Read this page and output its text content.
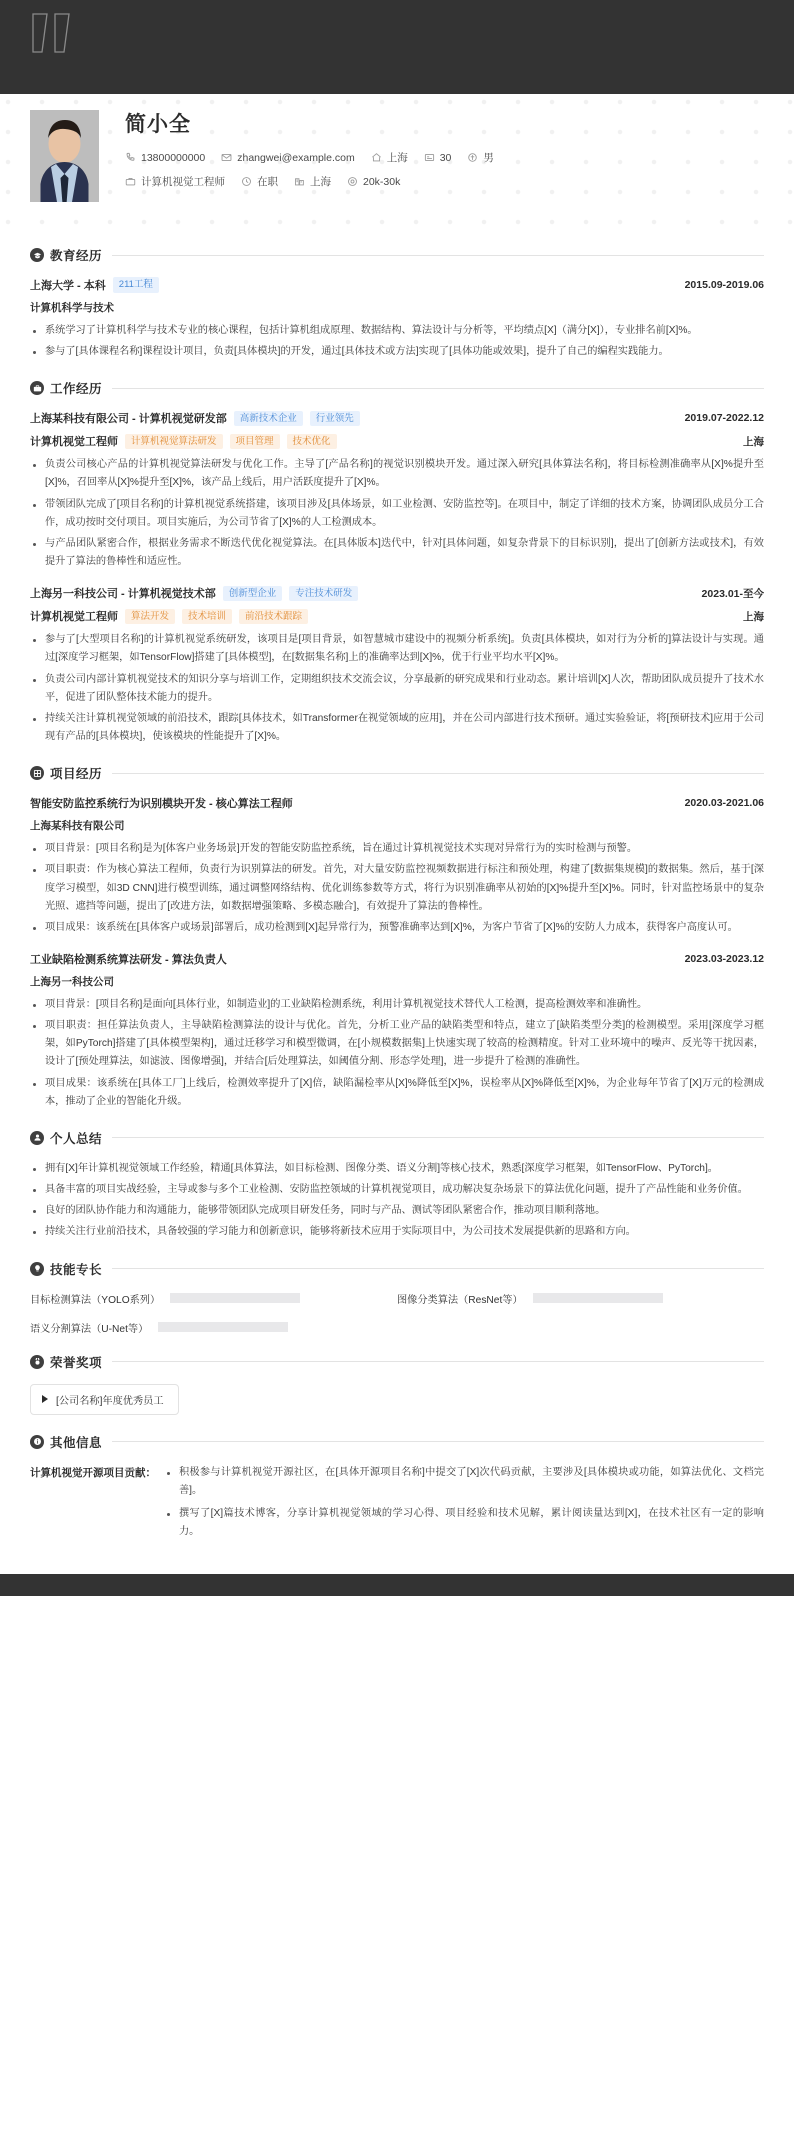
简小全
13800000000	zhangwei@example.com	上海	30	男
计算机视觉工程师	在职	上海	20k-30k
教育经历
上海大学 - 本科	211工程	2015.09-2019.06
计算机科学与技术
系统学习了计算机科学与技术专业的核心课程，包括计算机组成原理、数据结构、算法设计与分析等，平均绩点[X]（满分[X]），专业排名前[X]%。
参与了[具体课程名称]课程设计项目，负责[具体模块]的开发，通过[具体技术或方法]实现了[具体功能或效果]，提升了自己的编程实践能力。
工作经历
上海某科技有限公司 - 计算机视觉研发部	高新技术企业	行业领先	2019.07-2022.12
计算机视觉工程师	计算机视觉算法研发	项目管理	技术优化	上海
负责公司核心产品的计算机视觉算法研发与优化工作。主导了[产品名称]的视觉识别模块开发。通过深入研究[具体算法名称]，将目标检测准确率从[X]%提升至[X]%，召回率从[X]%提升至[X]%，该产品上线后，用户活跃度提升了[X]%。
带领团队完成了[项目名称]的计算机视觉系统搭建，该项目涉及[具体场景，如工业检测、安防监控等]。在项目中，制定了详细的技术方案，协调团队成员分工合作，成功按时交付项目。项目实施后，为公司节省了[X]%的人工检测成本。
与产品团队紧密合作，根据业务需求不断迭代优化视觉算法。在[具体版本]迭代中，针对[具体问题，如复杂背景下的目标识别]，提出了[创新方法或技术]，有效提升了算法的鲁棒性和适应性。
上海另一科技公司 - 计算机视觉技术部	创新型企业	专注技术研发	2023.01-至今
计算机视觉工程师	算法开发	技术培训	前沿技术跟踪	上海
参与了[大型项目名称]的计算机视觉系统研发，该项目是[项目背景，如智慧城市建设中的视频分析系统]。负责[具体模块，如对行为分析的]算法设计与实现。通过[深度学习框架，如TensorFlow]搭建了[具体模型]，在[数据集名称]上的准确率达到[X]%，优于行业平均水平[X]%。
负责公司内部计算机视觉技术的知识分享与培训工作，定期组织技术交流会议，分享最新的研究成果和行业动态。累计培训[X]人次，帮助团队成员提升了技术水平，促进了团队整体技术能力的提升。
持续关注计算机视觉领域的前沿技术，跟踪[具体技术，如Transformer在视觉领域的应用]，并在公司内部进行技术预研。通过实验验证，将[预研技术]应用于公司现有产品的[具体模块]，使该模块的性能提升了[X]%。
项目经历
智能安防监控系统行为识别模块开发 - 核心算法工程师	2020.03-2021.06
上海某科技有限公司
项目背景：[项目名称]是为[体客户业务场景]开发的智能安防监控系统，旨在通过计算机视觉技术实现对异常行为的实时检测与预警。
项目职责：作为核心算法工程师，负责行为识别算法的研发。首先，对大量安防监控视频数据进行标注和预处理，构建了[数据集规模]的数据集。然后，基于[深度学习模型，如3D CNN]进行模型训练，通过调整网络结构、优化训练参数等方式，将行为识别准确率从初始的[X]%提升至[X]%。同时，针对监控场景中的复杂光照、遮挡等问题，提出了[改进方法，如数据增强策略、多模态融合]，有效提升了算法的鲁棒性。
项目成果：该系统在[具体客户或场景]部署后，成功检测到[X]起异常行为，预警准确率达到[X]%，为客户节省了[X]%的安防人力成本，获得客户高度认可。
工业缺陷检测系统算法研发 - 算法负责人	2023.03-2023.12
上海另一科技公司
项目背景：[项目名称]是面向[具体行业，如制造业]的工业缺陷检测系统，利用计算机视觉技术替代人工检测，提高检测效率和准确性。
项目职责：担任算法负责人，主导缺陷检测算法的设计与优化。首先，分析工业产品的缺陷类型和特点，建立了[缺陷类型分类]的检测模型。采用[深度学习框架，如PyTorch]搭建了[具体模型架构]，通过迁移学习和模型微调，在[小规模数据集]上快速实现了较高的检测精度。针对工业环境中的噪声、反光等干扰因素，设计了[预处理算法，如滤波、图像增强]，并结合[后处理算法，如阈值分割、形态学处理]，进一步提升了检测的准确性。
项目成果：该系统在[具体工厂]上线后，检测效率提升了[X]倍，缺陷漏检率从[X]%降低至[X]%，误检率从[X]%降低至[X]%，为企业每年节省了[X]万元的检测成本，推动了企业的智能化升级。
个人总结
拥有[X]年计算机视觉领域工作经验，精通[具体算法，如目标检测、图像分类、语义分割]等核心技术，熟悉[深度学习框架，如TensorFlow、PyTorch]。
具备丰富的项目实战经验，主导或参与多个工业检测、安防监控领域的计算机视觉项目，成功解决复杂场景下的算法优化问题，提升了产品性能和业务价值。
良好的团队协作能力和沟通能力，能够带领团队完成项目研发任务，同时与产品、测试等团队紧密合作，推动项目顺利落地。
持续关注行业前沿技术，具备较强的学习能力和创新意识，能够将新技术应用于实际项目中，为公司技术发展提供新的思路和方向。
技能专长
目标检测算法（YOLO系列）	图像分类算法（ResNet等）
语义分割算法（U-Net等）
荣誉奖项
[公司名称]年度优秀员工
其他信息
计算机视觉开源项目贡献：	积极参与计算机视觉开源社区，在[具体开源项目名称]中提交了[X]次代码贡献，主要涉及[具体模块或功能，如算法优化、文档完善]。
撰写了[X]篇技术博客，分享计算机视觉领域的学习心得、项目经验和技术见解，累计阅读量达到[X]，在技术社区有一定的影响力。
